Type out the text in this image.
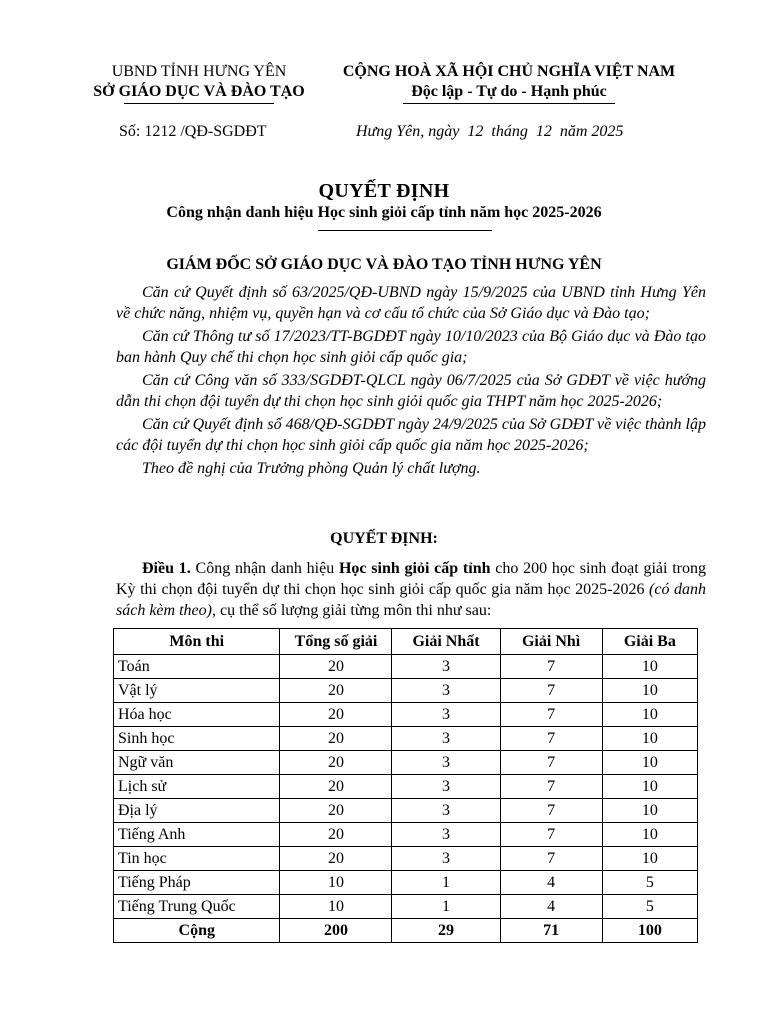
UBND TỈNH HƯNG YÊN
SỞ GIÁO DỤC VÀ ĐÀO TẠO
CỘNG HOÀ XÃ HỘI CHỦ NGHĨA VIỆT NAM
Độc lập - Tự do - Hạnh phúc
Số: 1212 /QĐ-SGDĐT	Hưng Yên, ngày  12  tháng  12  năm 2025
QUYẾT ĐỊNH
Công nhận danh hiệu Học sinh giỏi cấp tỉnh năm học 2025-2026
GIÁM ĐỐC SỞ GIÁO DỤC VÀ ĐÀO TẠO TỈNH HƯNG YÊN

Căn cứ Quyết định số 63/2025/QĐ-UBND ngày 15/9/2025 của UBND tỉnh Hưng Yên về chức năng, nhiệm vụ, quyền hạn và cơ cấu tổ chức của Sở Giáo dục và Đào tạo;

Căn cứ Thông tư số 17/2023/TT-BGDĐT ngày 10/10/2023 của Bộ Giáo dục và Đào tạo ban hành Quy chế thi chọn học sinh giỏi cấp quốc gia;

Căn cứ Công văn số 333/SGDĐT-QLCL ngày 06/7/2025 của Sở GDĐT về việc hướng dẫn thi chọn đội tuyển dự thi chọn học sinh giỏi quốc gia THPT năm học 2025-2026;

Căn cứ Quyết định số 468/QĐ-SGDĐT ngày 24/9/2025 của Sở GDĐT về việc thành lập các đội tuyển dự thi chọn học sinh giỏi cấp quốc gia năm học 2025-2026;

Theo đề nghị của Trưởng phòng Quản lý chất lượng.

QUYẾT ĐỊNH:
Điều 1. Công nhận danh hiệu Học sinh giỏi cấp tỉnh cho 200 học sinh đoạt giải trong Kỳ thi chọn đội tuyển dự thi chọn học sinh giỏi cấp quốc gia năm học 2025-2026 (có danh sách kèm theo), cụ thể số lượng giải từng môn thi như sau:
Môn thi	Tổng số giải	Giải Nhất	Giải Nhì	Giải Ba
Toán	20	3	7	10
Vật lý	20	3	7	10
Hóa học	20	3	7	10
Sinh học	20	3	7	10
Ngữ văn	20	3	7	10
Lịch sử	20	3	7	10
Địa lý	20	3	7	10
Tiếng Anh	20	3	7	10
Tin học	20	3	7	10
Tiếng Pháp	10	1	4	5
Tiếng Trung Quốc	10	1	4	5
Cộng	200	29	71	100
